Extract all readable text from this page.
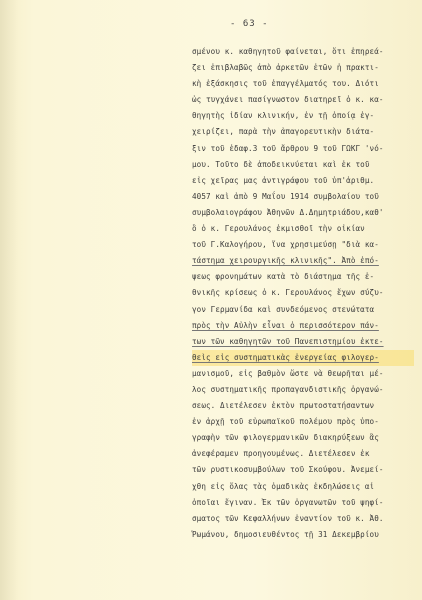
- 63 -
σμένου κ. καθηγητοῦ φαίνεται, ὅτι ἐπηρεά-
ζει ἐπιβλαβῶς ἀπὸ ἀρκετῶν ἐτῶν ἡ πρακτι-
κὴ ἐξάσκησις τοῦ ἐπαγγέλματός του. Διότι
ὡς τυγχάνει πασίγνωστον διατηρεῖ ὁ κ. κα-
θηγητὴς ἰδίαν κλινικήν, ἐν τῇ ὁποίᾳ ἐγ-
χειρίζει, παρὰ τὴν ἀπαγορευτικὴν διάτα-
ξιν τοῦ ἐδαφ.3 τοῦ ἄρθρου 9 τοῦ ΓΩΚΓ 'νό-
μου. Τοῦτο δὲ ἀποδεικνύεται καὶ ἐκ τοῦ
εἰς χεῖρας μας ἀντιγράφου τοῦ ὑπ'ἀριθμ.
4057 καὶ ἀπὸ 9 Μαΐου 1914 συμβολαίου τοῦ
συμβολαιογράφου Ἀθηνῶν Δ.Δημητριάδου,καθ'
ὃ ὁ κ. Γερουλάνος ἐκμισθοῖ τὴν οἰκίαν
τοῦ Γ.Καλογήρου, ἵνα χρησιμεύσῃ "διὰ κα-
τάστημα χειρουργικῆς κλινικῆς". Ἀπὸ ἐπό-
ψεως φρονημάτων κατὰ τὸ διάστημα τῆς ἐ-
θνικῆς κρίσεως ὁ κ. Γερουλάνος ἔχων σύζυ-
γον Γερμανίδα καὶ συνδεόμενος στενώτατα
πρὸς τὴν Αὐλὴν εἶναι ὁ περισσότερον πάν-
των τῶν καθηγητῶν τοῦ Πανεπιστημίου ἐκτε-
θεὶς εἰς συστηματικὰς ἐνεργείας φιλογερ-
μανισμοῦ, εἰς βαθμὸν ὥστε νὰ θεωρῆται μέ-
λος συστηματικῆς προπαγανδιστικῆς ὀργανώ-
σεως. Διετέλεσεν ἐκτὸν πρωτοστατήσαντων
ἐν ἀρχῇ τοῦ εὐρωπαϊκοῦ πολέμου πρὸς ὑπο-
γραφὴν τῶν φιλογερμανικῶν διακηρύξεων ἃς
ἀνεφέραμεν προηγουμένως. Διετέλεσεν ἐκ
τῶν ρυστικοσυμβούλων τοῦ Σκούφου. Ἀνεμεί-
χθη εἰς ὅλας τὰς ὁμαδικὰς ἐκδηλώσεις αἱ
ὁποῖαι ἔγιναν. Ἐκ τῶν ὀργανωτῶν τοῦ ψηφί-
σματος τῶν Κεφαλλήνων ἐναντίον τοῦ κ. Ἀθ.
Ῥωμάνου, δημοσιευθέντος τῇ 31 Δεκεμβρίου
